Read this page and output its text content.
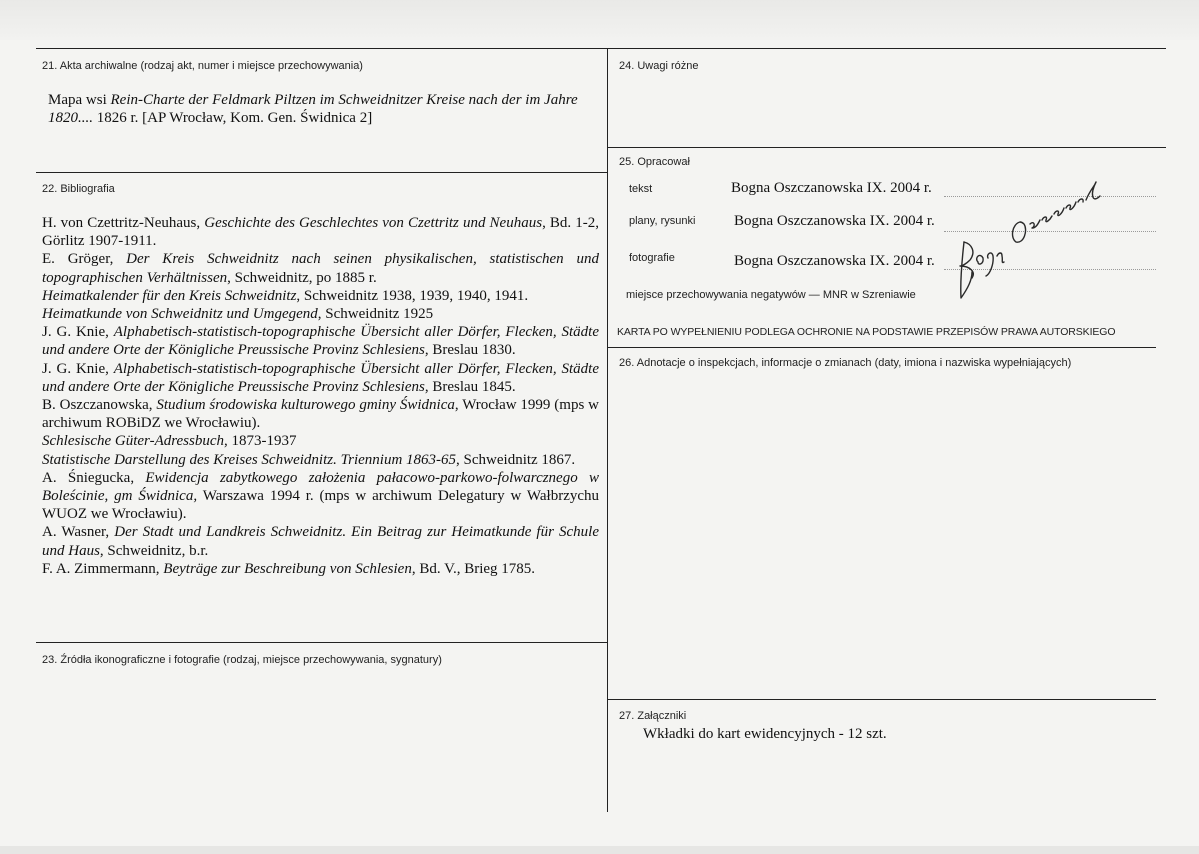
21. Akta archiwalne (rodzaj akt, numer i miejsce przechowywania)
Mapa wsi Rein-Charte der Feldmark Piltzen im Schweidnitzer Kreise nach der im Jahre 1820.... 1826 r. [AP Wrocław, Kom. Gen. Świdnica 2]
22. Bibliografia
H. von Czettritz-Neuhaus, Geschichte des Geschlechtes von Czettritz und Neuhaus, Bd. 1-2, Görlitz 1907-1911.
E. Gröger, Der Kreis Schweidnitz nach seinen physikalischen, statistischen und topographischen Verhältnissen, Schweidnitz, po 1885 r.
Heimatkalender für den Kreis Schweidnitz, Schweidnitz 1938, 1939, 1940, 1941.
Heimatkunde von Schweidnitz und Umgegend, Schweidnitz 1925
J. G. Knie, Alphabetisch-statistisch-topographische Übersicht aller Dörfer, Flecken, Städte und andere Orte der Königliche Preussische Provinz Schlesiens, Breslau 1830.
J. G. Knie, Alphabetisch-statistisch-topographische Übersicht aller Dörfer, Flecken, Städte und andere Orte der Königliche Preussische Provinz Schlesiens, Breslau 1845.
B. Oszczanowska, Studium środowiska kulturowego gminy Świdnica, Wrocław 1999 (mps w archiwum ROBiDZ we Wrocławiu).
Schlesische Güter-Adressbuch, 1873-1937
Statistische Darstellung des Kreises Schweidnitz. Triennium 1863-65, Schweidnitz 1867.
A. Śniegucka, Ewidencja zabytkowego założenia pałacowo-parkowo-folwarcznego w Boleścinie, gm Świdnica, Warszawa 1994 r. (mps w archiwum Delegatury w Wałbrzychu WUOZ we Wrocławiu).
A. Wasner, Der Stadt und Landkreis Schweidnitz. Ein Beitrag zur Heimatkunde für Schule und Haus, Schweidnitz, b.r.
F. A. Zimmermann, Beyträge zur Beschreibung von Schlesien, Bd. V., Brieg 1785.
23. Źródła ikonograficzne i fotografie (rodzaj, miejsce przechowywania, sygnatury)
24. Uwagi różne
25. Opracował
tekst	Bogna Oszczanowska IX. 2004 r.
plany, rysunki	Bogna Oszczanowska IX. 2004 r.
fotografie	Bogna Oszczanowska IX. 2004 r.
miejsce przechowywania negatywów — MNR w Szreniawie
KARTA PO WYPEŁNIENIU PODLEGA OCHRONIE NA PODSTAWIE PRZEPISÓW PRAWA AUTORSKIEGO
26. Adnotacje o inspekcjach, informacje o zmianach (daty, imiona i nazwiska wypełniających)
27. Załączniki
Wkładki do kart ewidencyjnych - 12 szt.
